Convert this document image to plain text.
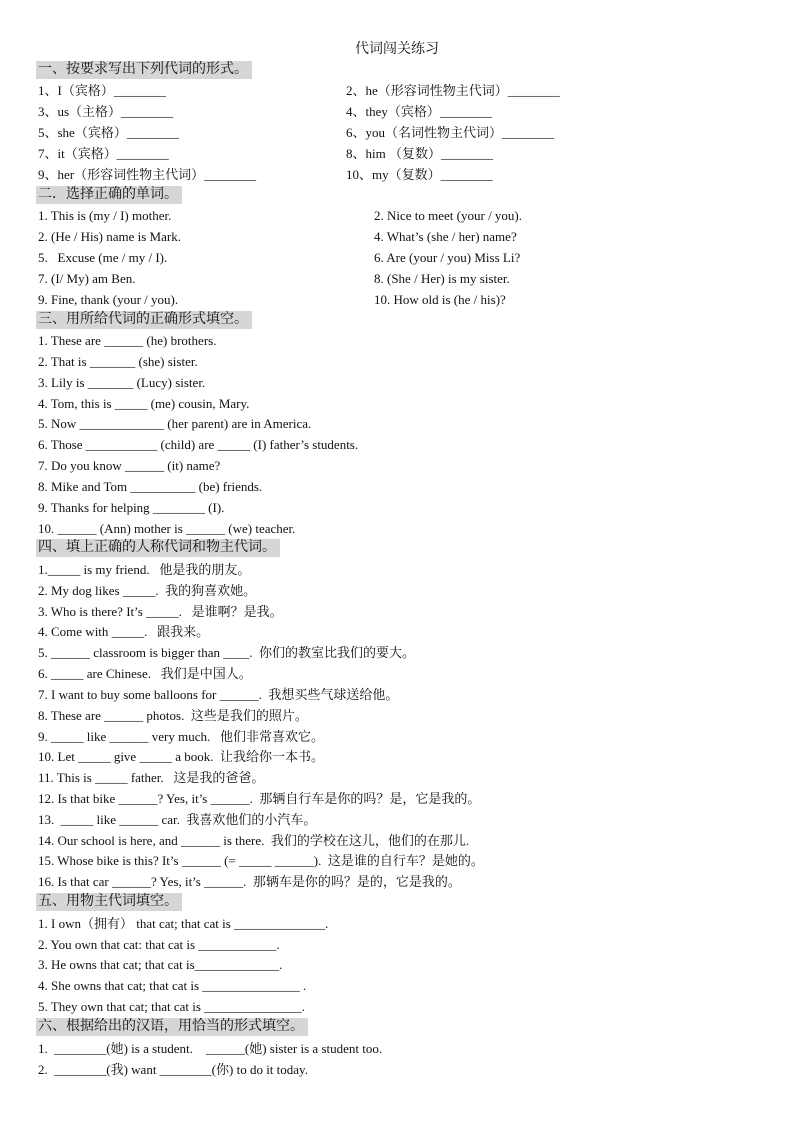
代词闯关练习
一、按要求写出下列代词的形式。
1、I（宾格）________
3、us（主格）________
5、she（宾格）________
7、it（宾格）________
9、her（形容词性物主代词）________
2、he（形容词性物主代词）________
4、they（宾格）________
6、you（名词性物主代词）________
8、him （复数）________
10、my（复数）________
二．选择正确的单词。
1. This is (my / I) mother.
2. (He / His) name is Mark.
5.   Excuse (me / my / I).
7. (I/ My) am Ben.
9. Fine, thank (your / you).
2. Nice to meet (your / you).
4. What’s (she / her) name?
6. Are (your / you) Miss Li?
8. (She / Her) is my sister.
10. How old is (he / his)?
三、用所给代词的正确形式填空。
1. These are ______ (he) brothers.
2. That is _______ (she) sister.
3. Lily is _______ (Lucy) sister.
4. Tom, this is _____ (me) cousin, Mary.
5. Now _____________ (her parent) are in America.
6. Those ___________ (child) are _____ (I) father’s students.
7. Do you know ______ (it) name?
8. Mike and Tom __________ (be) friends.
9. Thanks for helping ________ (I).
10. ______ (Ann) mother is ______ (we) teacher.
四、填上正确的人称代词和物主代词。
1._____ is my friend.   他是我的朋友。
2. My dog likes _____.  我的狗喜欢她。
3. Who is there? It’s _____.   是谁啊？是我。
4. Come with _____.   跟我来。
5. ______ classroom is bigger than ____.  你们的教室比我们的要大。
6. _____ are Chinese.   我们是中国人。
7. I want to buy some balloons for ______.  我想买些气球送给他。
8. These are ______ photos.  这些是我们的照片。
9. _____ like ______ very much.   他们非常喜欢它。
10. Let _____ give _____ a book.  让我给你一本书。
11. This is _____ father.   这是我的爸爸。
12. Is that bike ______? Yes, it’s ______.  那辆自行车是你的吗？是，它是我的。
13.  _____ like ______ car.  我喜欢他们的小汽车。
14. Our school is here, and ______ is there.  我们的学校在这儿，他们的在那儿.
15. Whose bike is this? It’s ______ (= _____ ______).  这是谁的自行车？是她的。
16. Is that car ______? Yes, it’s ______.  那辆车是你的吗？是的，它是我的。
五、用物主代词填空。
1. I own（拥有） that cat; that cat is ______________.
2. You own that cat: that cat is ____________.
3. He owns that cat; that cat is_____________.
4. She owns that cat; that cat is _______________ .
5. They own that cat; that cat is _______________.
六、根据给出的汉语，用恰当的形式填空。
1.  ________(她) is a student.    ______(她) sister is a student too.
2.  ________(我) want ________(你) to do it today.
